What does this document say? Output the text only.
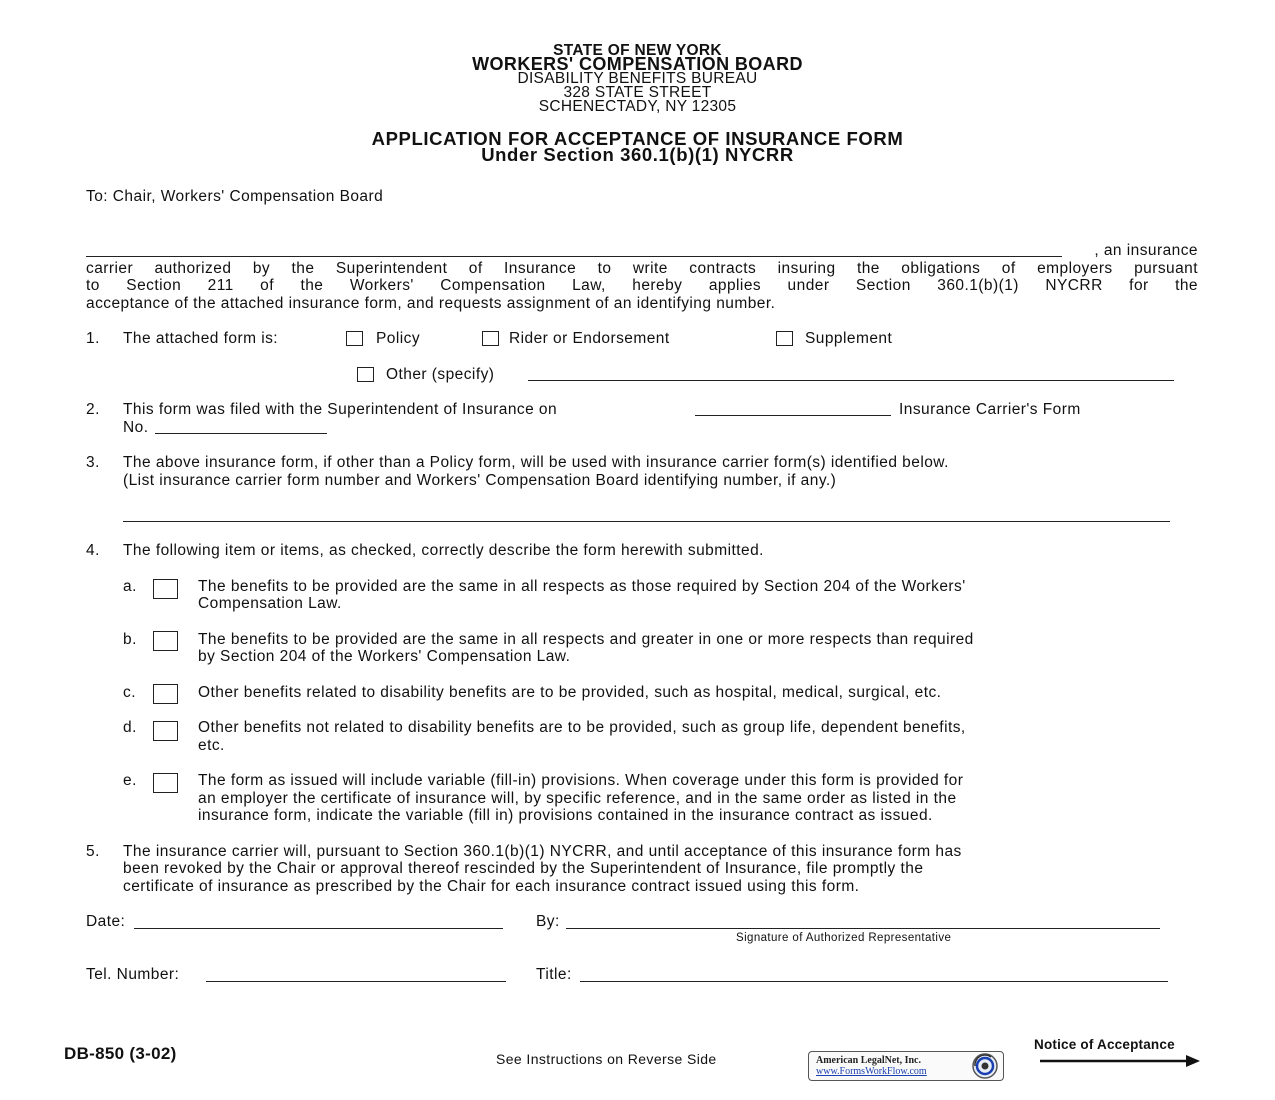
STATE OF NEW YORK
WORKERS' COMPENSATION BOARD
DISABILITY BENEFITS BUREAU
328 STATE STREET
SCHENECTADY, NY 12305
APPLICATION FOR ACCEPTANCE OF INSURANCE FORM
Under Section 360.1(b)(1) NYCRR
To: Chair, Workers' Compensation Board
, an insurance
carrier authorized by the Superintendent of Insurance to write contracts insuring the obligations of employers pursuant
to Section 211 of the Workers' Compensation Law, hereby applies under Section 360.1(b)(1) NYCRR for the
acceptance of the attached insurance form, and requests assignment of an identifying number.
1. The attached form is:	Policy	Rider or Endorsement	Supplement
Other (specify)
2. This form was filed with the Superintendent of Insurance on	Insurance Carrier's Form
No.
3. The above insurance form, if other than a Policy form, will be used with insurance carrier form(s) identified below.
(List insurance carrier form number and Workers' Compensation Board identifying number, if any.)
4. The following item or items, as checked, correctly describe the form herewith submitted.
a.	The benefits to be provided are the same in all respects as those required by Section 204 of the Workers'
Compensation Law.
b.	The benefits to be provided are the same in all respects and greater in one or more respects than required
by Section 204 of the Workers' Compensation Law.
c.	Other benefits related to disability benefits are to be provided, such as hospital, medical, surgical, etc.
d.	Other benefits not related to disability benefits are to be provided, such as group life, dependent benefits,
etc.
e.	The form as issued will include variable (fill-in) provisions. When coverage under this form is provided for
an employer the certificate of insurance will, by specific reference, and in the same order as listed in the
insurance form, indicate the variable (fill in) provisions contained in the insurance contract as issued.
5. The insurance carrier will, pursuant to Section 360.1(b)(1) NYCRR, and until acceptance of this insurance form has
been revoked by the Chair or approval thereof rescinded by the Superintendent of Insurance, file promptly the
certificate of insurance as prescribed by the Chair for each insurance contract issued using this form.
Date:	By:
Signature of Authorized Representative
Tel. Number:	Title:
DB-850 (3-02)	See Instructions on Reverse Side	American LegalNet, Inc.
www.FormsWorkFlow.com
Notice of Acceptance
